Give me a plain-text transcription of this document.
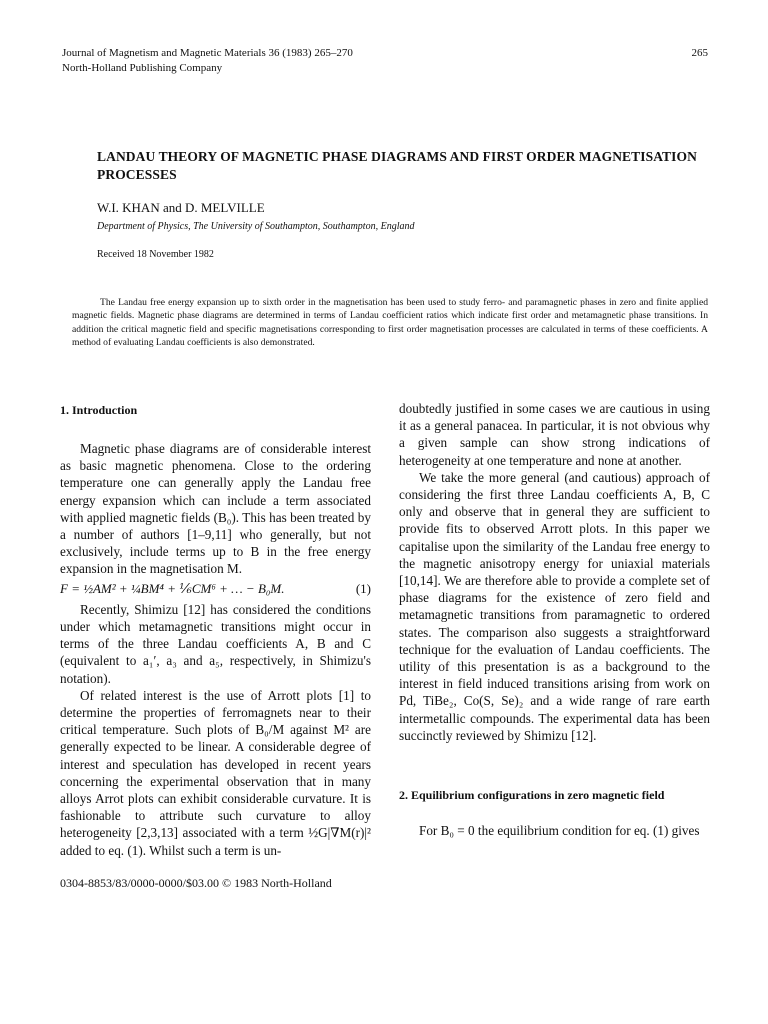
Journal of Magnetism and Magnetic Materials 36 (1983) 265–270
North-Holland Publishing Company
265
LANDAU THEORY OF MAGNETIC PHASE DIAGRAMS AND FIRST ORDER MAGNETISATION PROCESSES
W.I. KHAN and D. MELVILLE
Department of Physics, The University of Southampton, Southampton, England
Received 18 November 1982
The Landau free energy expansion up to sixth order in the magnetisation has been used to study ferro- and paramagnetic phases in zero and finite applied magnetic fields. Magnetic phase diagrams are determined in terms of Landau coefficient ratios which indicate first order and metamagnetic phase transitions. In addition the critical magnetic field and specific magnetisations corresponding to first order magnetisation processes are calculated in terms of these coefficients. A method of evaluating Landau coefficients is also demonstrated.
1. Introduction

Magnetic phase diagrams are of considerable interest as basic magnetic phenomena. Close to the ordering temperature one can generally apply the Landau free energy expansion which can include a term associated with applied magnetic fields (B₀). This has been treated by a number of authors [1–9,11] who generally, but not exclusively, include terms up to B in the free energy expansion in the magnetisation M.

F = ½AM² + ¼BM⁴ + ⅙CM⁶ + … − B₀M.	(1)

Recently, Shimizu [12] has considered the conditions under which metamagnetic transitions might occur in terms of the three Landau coefficients A, B and C (equivalent to a₁′, a₃ and a₅, respectively, in Shimizu's notation).

Of related interest is the use of Arrott plots [1] to determine the properties of ferromagnets near to their critical temperature. Such plots of B₀/M against M² are generally expected to be linear. A considerable degree of interest and speculation has developed in recent years concerning the experimental observation that in many alloys Arrot plots can exhibit considerable curvature. It is fashionable to attribute such curvature to alloy heterogeneity [2,3,13] associated with a term ½G|∇M(r)|² added to eq. (1). Whilst such a term is un-

doubtedly justified in some cases we are cautious in using it as a general panacea. In particular, it is not obvious why a given sample can show strong indications of heterogeneity at one temperature and none at another.

We take the more general (and cautious) approach of considering the first three Landau coefficients A, B, C only and observe that in general they are sufficient to provide fits to observed Arrott plots. In this paper we capitalise upon the similarity of the Landau free energy to the magnetic anisotropy energy for uniaxial materials [10,14]. We are therefore able to provide a complete set of phase diagrams for the existence of zero field and metamagnetic transitions from paramagnetic to ordered states. The comparison also suggests a straightforward technique for the evaluation of Landau coefficients. The utility of this presentation is as a background to the interest in field induced transitions arising from work on Pd, TiBe₂, Co(S, Se)₂ and a wide range of rare earth intermetallic compounds. The experimental data has been succinctly reviewed by Shimizu [12].

2. Equilibrium configurations in zero magnetic field

For B₀ = 0 the equilibrium condition for eq. (1) gives

0304-8853/83/0000-0000/$03.00 © 1983 North-Holland
